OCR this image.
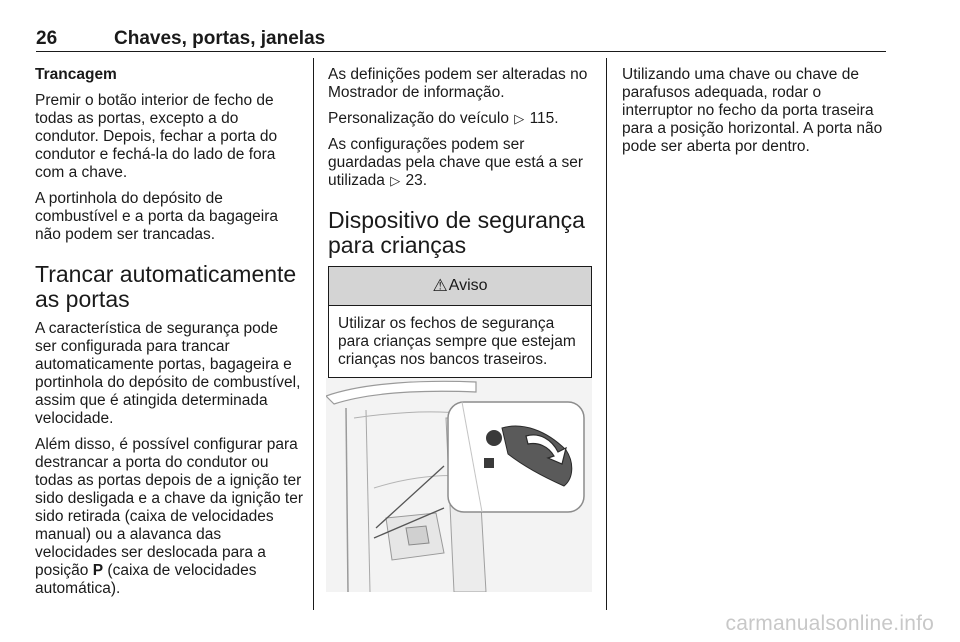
26	Chaves, portas, janelas

Trancagem

Premir o botão interior de fecho de todas as portas, excepto a do condutor. Depois, fechar a porta do condutor e fechá-la do lado de fora com a chave.

A portinhola do depósito de combustível e a porta da bagageira não podem ser trancadas.

Trancar automaticamente as portas

A característica de segurança pode ser configurada para trancar automaticamente portas, bagageira e portinhola do depósito de combustível, assim que é atingida determinada velocidade.

Além disso, é possível configurar para destrancar a porta do condutor ou todas as portas depois de a ignição ter sido desligada e a chave da ignição ter sido retirada (caixa de velocidades manual) ou a alavanca das velocidades ser deslocada para a posição P (caixa de velocidades automática).

As definições podem ser alteradas no Mostrador de informação.

Personalização do veículo ▷ 115.

As configurações podem ser guardadas pela chave que está a ser utilizada ▷ 23.

Dispositivo de segurança para crianças
⚠ Aviso
Utilizar os fechos de segurança para crianças sempre que estejam crianças nos bancos traseiros.

Utilizando uma chave ou chave de parafusos adequada, rodar o interruptor no fecho da porta traseira para a posição horizontal. A porta não pode ser aberta por dentro.

carmanualsonline.info
